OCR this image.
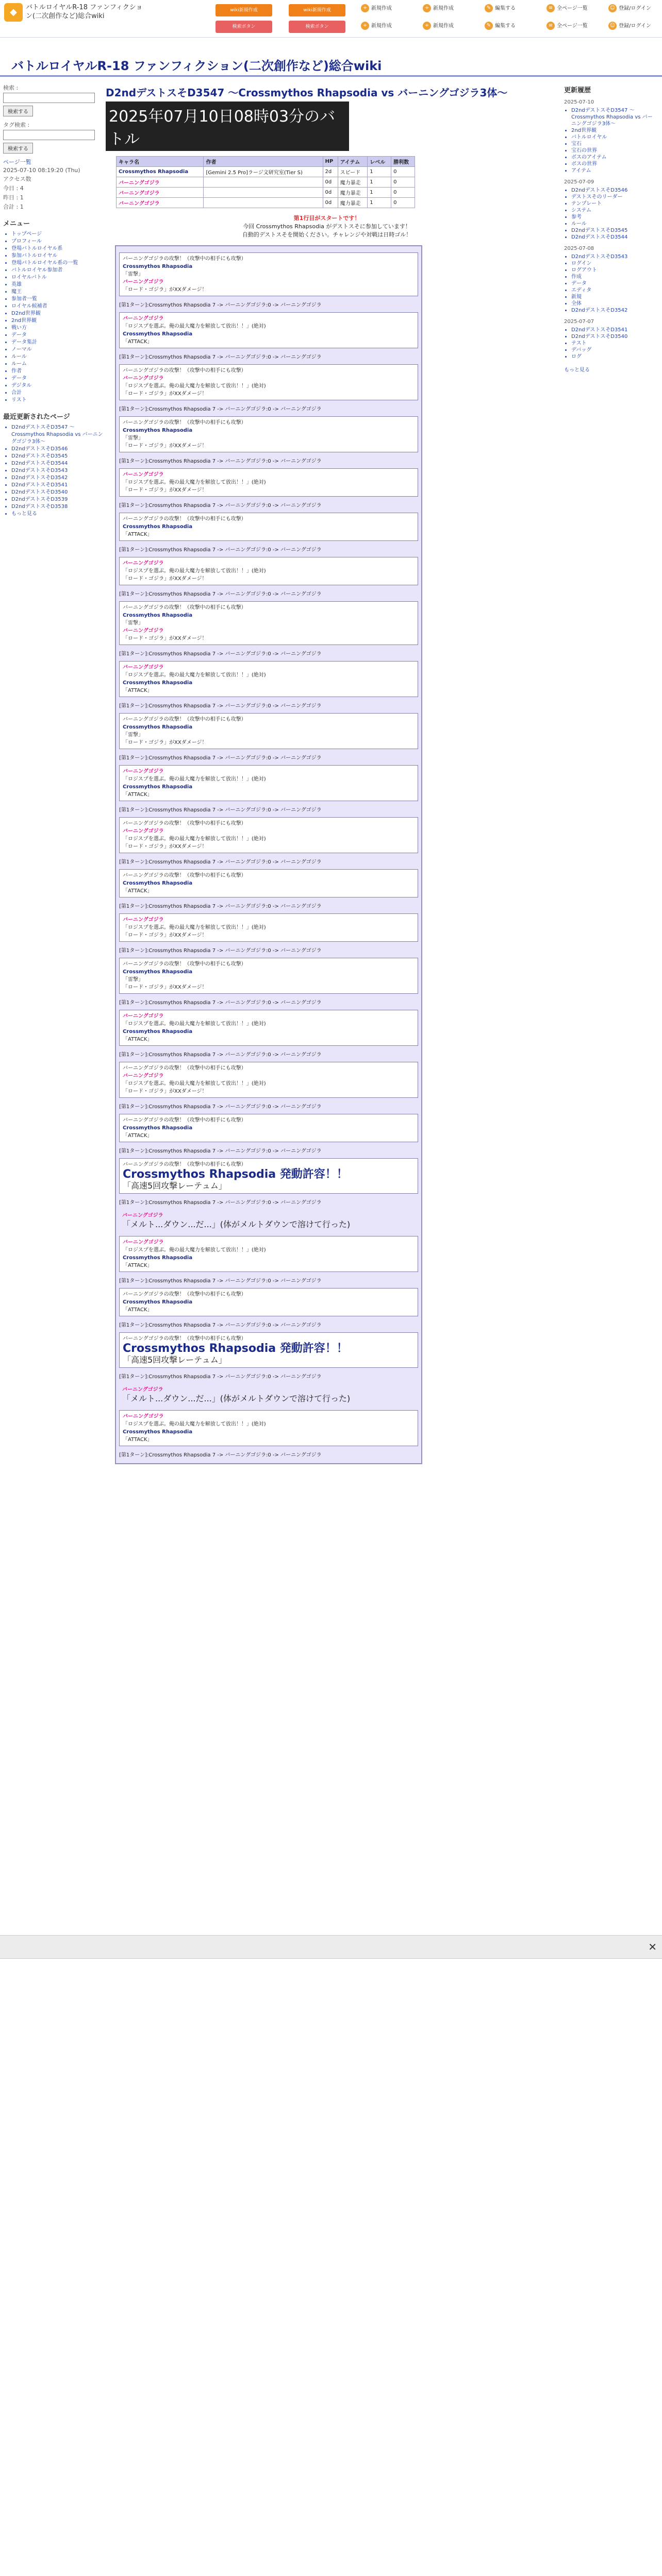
◆	バトルロイヤルR-18 ファンフィクション(二次創作など)総合wiki
wiki新規作成	wiki新規作成
検索ボタン	検索ボタン
+ 新規作成	+ 新規作成	✎ 編集する	≡ 全ページ一覧	☺ 登録/ログイン
+ 新規作成	+ 新規作成	✎ 編集する	≡ 全ページ一覧	☺ 登録/ログイン
バトルロイヤルR-18 ファンフィクション(二次創作など)総合wiki
検索 :
検索する
タグ検索 :
検索する
ページ一覧
2025-07-10 08:19:20 (Thu)
アクセス数
今日 : 4
昨日 : 1
合計 : 1
メニュー
• トップページ
• プロフィール
• 登場バトルロイヤル系
• 参加バトルロイヤル
• 登場バトルロイヤル系の一覧
• バトルロイヤル参加者
• ロイヤルバトル
• 英雄
• 魔王
• 参加者一覧
• ロイヤル候補者
• D2nd世界観
• 2nd世界観
• 戦い方
• データ
• データ集計
• ノーマル
• ルール
• ルーム
• 作者
• データ
• デジタル
• 合計
• リスト
最近更新されたページ
• D2ndデストスそD3547 ～Crossmythos Rhapsodia vs バーニングゴジラ3体～
• D2ndデストスそD3546
• D2ndデストスそD3545
• D2ndデストスそD3544
• D2ndデストスそD3543
• D2ndデストスそD3542
• D2ndデストスそD3541
• D2ndデストスそD3540
• D2ndデストスそD3539
• D2ndデストスそD3538
• もっと見る
D2ndデストスそD3547 ～Crossmythos Rhapsodia vs バーニングゴジラ3体～
2025年07月10日08時03分のバトル
キャラ名	作者	HP	アイテム	レベル	勝利数
Crossmythos Rhapsodia	[Gemini 2.5 Pro]ラージ文研究室(Tier S)	2d	スピード	1	0
バーニングゴジラ		0d	魔力暴走	1	0
バーニングゴジラ		0d	魔力暴走	1	0
バーニングゴジラ		0d	魔力暴走	1	0
第1行目がスタートです！
今回 Crossmythos Rhapsodia がデストスそに参加しています！
自動的デストスそを開始ください。チャレンジや対戦は日時ゴル！
バーニングゴジラの攻撃！（攻撃中の相手にも攻撃）
Crossmythos Rhapsodia
「雷撃」
バーニングゴジラ
「ロード・ゴジラ」がXXダメージ！
[第1ターン]:Crossmythos Rhapsodia 7 -> バーニングゴジラ:0 -> バーニングゴジラ
バーニングゴジラ
「ロジスプを選ぶ。俺の最大魔力を解放して放出！！」(絶対)
Crossmythos Rhapsodia
「ATTACK」
[第1ターン]:Crossmythos Rhapsodia 7 -> バーニングゴジラ:0 -> バーニングゴジラ
バーニングゴジラの攻撃！（攻撃中の相手にも攻撃）
バーニングゴジラ
「ロジスプを選ぶ。俺の最大魔力を解放して放出！！」(絶対)
「ロード・ゴジラ」がXXダメージ！
[第1ターン]:Crossmythos Rhapsodia 7 -> バーニングゴジラ:0 -> バーニングゴジラ
バーニングゴジラの攻撃！（攻撃中の相手にも攻撃）
Crossmythos Rhapsodia
「雷撃」
「ロード・ゴジラ」がXXダメージ！
[第1ターン]:Crossmythos Rhapsodia 7 -> バーニングゴジラ:0 -> バーニングゴジラ
バーニングゴジラ
「ロジスプを選ぶ。俺の最大魔力を解放して放出！！」(絶対)
「ロード・ゴジラ」がXXダメージ！
[第1ターン]:Crossmythos Rhapsodia 7 -> バーニングゴジラ:0 -> バーニングゴジラ
バーニングゴジラの攻撃！（攻撃中の相手にも攻撃）
Crossmythos Rhapsodia
「ATTACK」
[第1ターン]:Crossmythos Rhapsodia 7 -> バーニングゴジラ:0 -> バーニングゴジラ
バーニングゴジラ
「ロジスプを選ぶ。俺の最大魔力を解放して放出！！」(絶対)
「ロード・ゴジラ」がXXダメージ！
[第1ターン]:Crossmythos Rhapsodia 7 -> バーニングゴジラ:0 -> バーニングゴジラ
バーニングゴジラの攻撃！（攻撃中の相手にも攻撃）
Crossmythos Rhapsodia
「雷撃」
バーニングゴジラ
「ロード・ゴジラ」がXXダメージ！
[第1ターン]:Crossmythos Rhapsodia 7 -> バーニングゴジラ:0 -> バーニングゴジラ
バーニングゴジラ
「ロジスプを選ぶ。俺の最大魔力を解放して放出！！」(絶対)
Crossmythos Rhapsodia
「ATTACK」
[第1ターン]:Crossmythos Rhapsodia 7 -> バーニングゴジラ:0 -> バーニングゴジラ
バーニングゴジラの攻撃！（攻撃中の相手にも攻撃）
Crossmythos Rhapsodia
「雷撃」
「ロード・ゴジラ」がXXダメージ！
[第1ターン]:Crossmythos Rhapsodia 7 -> バーニングゴジラ:0 -> バーニングゴジラ
バーニングゴジラ
「ロジスプを選ぶ。俺の最大魔力を解放して放出！！」(絶対)
Crossmythos Rhapsodia
「ATTACK」
[第1ターン]:Crossmythos Rhapsodia 7 -> バーニングゴジラ:0 -> バーニングゴジラ
バーニングゴジラの攻撃！（攻撃中の相手にも攻撃）
バーニングゴジラ
「ロジスプを選ぶ。俺の最大魔力を解放して放出！！」(絶対)
「ロード・ゴジラ」がXXダメージ！
[第1ターン]:Crossmythos Rhapsodia 7 -> バーニングゴジラ:0 -> バーニングゴジラ
バーニングゴジラの攻撃！（攻撃中の相手にも攻撃）
Crossmythos Rhapsodia
「ATTACK」
[第1ターン]:Crossmythos Rhapsodia 7 -> バーニングゴジラ:0 -> バーニングゴジラ
バーニングゴジラ
「ロジスプを選ぶ。俺の最大魔力を解放して放出！！」(絶対)
「ロード・ゴジラ」がXXダメージ！
[第1ターン]:Crossmythos Rhapsodia 7 -> バーニングゴジラ:0 -> バーニングゴジラ
バーニングゴジラの攻撃！（攻撃中の相手にも攻撃）
Crossmythos Rhapsodia
「雷撃」
「ロード・ゴジラ」がXXダメージ！
[第1ターン]:Crossmythos Rhapsodia 7 -> バーニングゴジラ:0 -> バーニングゴジラ
バーニングゴジラ
「ロジスプを選ぶ。俺の最大魔力を解放して放出！！」(絶対)
Crossmythos Rhapsodia
「ATTACK」
[第1ターン]:Crossmythos Rhapsodia 7 -> バーニングゴジラ:0 -> バーニングゴジラ
バーニングゴジラの攻撃！（攻撃中の相手にも攻撃）
バーニングゴジラ
「ロジスプを選ぶ。俺の最大魔力を解放して放出！！」(絶対)
「ロード・ゴジラ」がXXダメージ！
[第1ターン]:Crossmythos Rhapsodia 7 -> バーニングゴジラ:0 -> バーニングゴジラ
バーニングゴジラの攻撃！（攻撃中の相手にも攻撃）
Crossmythos Rhapsodia
「ATTACK」
[第1ターン]:Crossmythos Rhapsodia 7 -> バーニングゴジラ:0 -> バーニングゴジラ
バーニングゴジラの攻撃！（攻撃中の相手にも攻撃）
Crossmythos Rhapsodia 発動許容！！
「高速5回攻撃レーテュム」
[第1ターン]:Crossmythos Rhapsodia 7 -> バーニングゴジラ:0 -> バーニングゴジラ
バーニングゴジラ
「メルト...ダウン...だ...」(体がメルトダウンで溶けて行った)
バーニングゴジラ
「ロジスプを選ぶ。俺の最大魔力を解放して放出！！」(絶対)
Crossmythos Rhapsodia
「ATTACK」
[第1ターン]:Crossmythos Rhapsodia 7 -> バーニングゴジラ:0 -> バーニングゴジラ
バーニングゴジラの攻撃！（攻撃中の相手にも攻撃）
Crossmythos Rhapsodia
「ATTACK」
[第1ターン]:Crossmythos Rhapsodia 7 -> バーニングゴジラ:0 -> バーニングゴジラ
バーニングゴジラの攻撃！（攻撃中の相手にも攻撃）
Crossmythos Rhapsodia 発動許容！！
「高速5回攻撃レーテュム」
[第1ターン]:Crossmythos Rhapsodia 7 -> バーニングゴジラ:0 -> バーニングゴジラ
バーニングゴジラ
「メルト...ダウン...だ...」(体がメルトダウンで溶けて行った)
バーニングゴジラ
「ロジスプを選ぶ。俺の最大魔力を解放して放出！！」(絶対)
Crossmythos Rhapsodia
「ATTACK」
[第1ターン]:Crossmythos Rhapsodia 7 -> バーニングゴジラ:0 -> バーニングゴジラ
更新履歴
2025-07-10
• D2ndデストスそD3547 ～Crossmythos Rhapsodia vs バーニングゴジラ3体～
• 2nd世界観
• バトルロイヤル
• 宝石
• 宝石の世界
• ボスのアイテム
• ボスの世界
• アイテム
2025-07-09
• D2ndデストスそD3546
• デストスそのリーダー
• テンプレート
• システム
• 参考
• ルール
• D2ndデストスそD3545
• D2ndデストスそD3544
2025-07-08
• D2ndデストスそD3543
• ログイン
• ログアウト
• 作成
• データ
• エディタ
• 新規
• 全体
• D2ndデストスそD3542
2025-07-07
• D2ndデストスそD3541
• D2ndデストスそD3540
• テスト
• デバッグ
• ログ
もっと見る
✕
